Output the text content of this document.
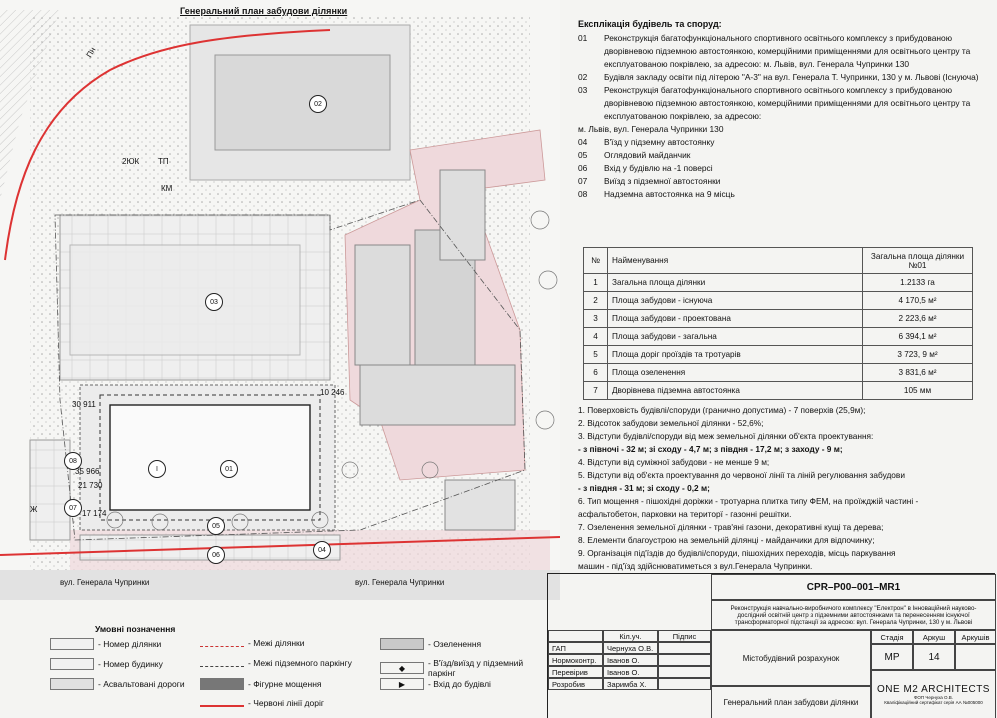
Генеральний план забудови ділянки
02
03
01
I
08
07
05
06
04
30 911
10 246
35 966
21 730
17 174
вул. Генерала Чупринки	вул. Генерала Чупринки
2ЮК ТП
КМ
Пн
Ж
Експлікація будівель та споруд:
01	Реконструкція багатофункціонального спортивного освітнього комплексу з прибудованою дворівневою підземною автостоянкою, комерційними приміщеннями для освітнього центру та експлуатованою покрівлею, за адресою: м. Львів, вул. Генерала Чупринки 130
02	Будівля закладу освіти під літерою "А-3" на вул. Генерала Т. Чупринки, 130 у м. Львові (Існуюча)
03	Реконструкція багатофункціонального спортивного освітнього комплексу з прибудованою дворівневою підземною автостоянкою, комерційними приміщеннями для освітнього центру та експлуатованою покрівлею, за адресою:
м. Львів, вул. Генерала Чупринки 130
04	В'їзд у підземну автостоянку
05	Оглядовий майданчик
06	Вхід у будівлю на -1 поверсі
07	Виїзд з підземної автостоянки
08	Надземна автостоянка на 9 місць
№	Найменування	Загальна площа ділянки №01
1	Загальна площа ділянки	1.2133 га
2	Площа забудови - існуюча	4 170,5 м²
3	Площа забудови - проектована	2 223,6 м²
4	Площа забудови - загальна	6 394,1 м²
5	Площа доріг проїздів та тротуарів	3 723, 9 м²
6	Площа озеленення	3 831,6 м²
7	Дворівнева підземна автостоянка	105 мм
1. Поверховість будівлі/споруди (гранично допустима) - 7 поверхів (25,9м);
2. Відсоток забудови земельної ділянки - 52,6%;
3. Відступи будівлі/споруди від меж земельної ділянки об'єкта проектування:
- з півночі - 32 м; зі сходу - 4,7 м; з півдня - 17,2 м; з заходу - 9 м;
4. Відступи від суміжної забудови - не менше 9 м;
5. Відступи від об'єкта проектування до червоної лінії та ліній регулювання забудови
- з півдня - 31 м; зі сходу - 0,2 м;
6. Тип мощення - пішохідні доріжки - тротуарна плитка типу ФЕМ, на проїжджій частині -
асфальтобетон, парковки на територї - газонні решітки.
7. Озеленення земельної ділянки - трав'яні газони, декоративні кущі та дерева;
8. Елементи благоустрою на земельній ділянці - майданчики для відпочинку;
9. Організація під'їздів до будівлі/споруди, пішохідних переходів, місць паркування
машин - під'їзд здійснюватиметься з вул.Генерала Чупринки.
CPR–P00–001–MR1
Реконструкція навчально-виробничого комплексу "Електрон" в Інноваційний науково-дослідний освітній центр з підземними автостоянками та перенесенням існуючої трансформаторної підстанції за адресою: вул. Генерала Чупринки, 130 у м. Львові
Кіл.уч.	Підпис
ГАП	Чернуха О.В.
Нормоконтр.	Іванов О.
Перевірив	Іванов О.
Розробив	Заримба Х.
Містобудівний розрахунок
Стадія	Аркуш	Аркушів
МР	14
Генеральний план забудови ділянки
ONE M2 ARCHITECTS
ФОП Чернуха О.В.
Кваліфікаційний сертифікат серія АА №005000
Умовні позначення
- Номер ділянки
- Номер будинку
- Асвальтовані дороги
- Межі ділянки
- Межі підземного паркінгу
- Фігурне мощення
- Червоні лінії доріг
- Озеленення
◆	- В'їзд/виїзд у підземний паркінг
▶	- Вхід до будівлі
